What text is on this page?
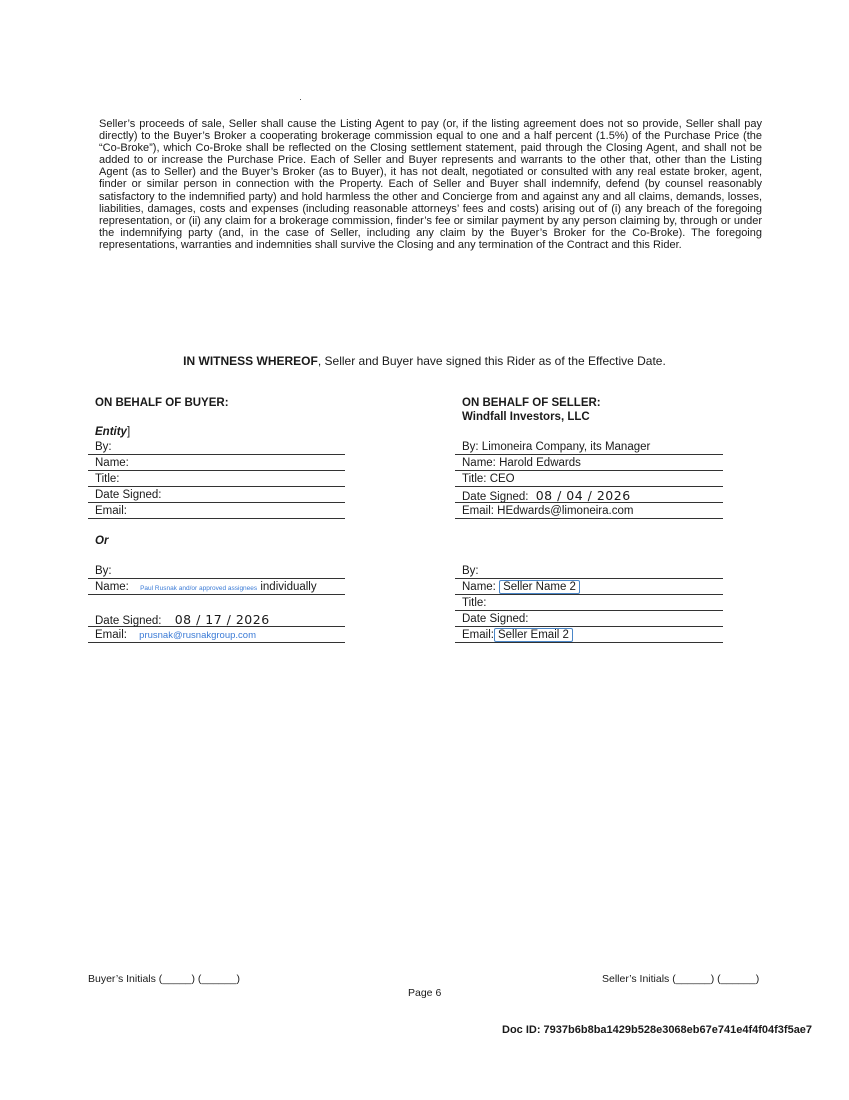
Seller’s proceeds of sale, Seller shall cause the Listing Agent to pay (or, if the listing agreement does not so provide, Seller shall pay directly) to the Buyer’s Broker a cooperating brokerage commission equal to one and a half percent (1.5%) of the Purchase Price (the “Co-Broke”), which Co-Broke shall be reflected on the Closing settlement statement, paid through the Closing Agent, and shall not be added to or increase the Purchase Price. Each of Seller and Buyer represents and warrants to the other that, other than the Listing Agent (as to Seller) and the Buyer’s Broker (as to Buyer), it has not dealt, negotiated or consulted with any real estate broker, agent, finder or similar person in connection with the Property. Each of Seller and Buyer shall indemnify, defend (by counsel reasonably satisfactory to the indemnified party) and hold harmless the other and Concierge from and against any and all claims, demands, losses, liabilities, damages, costs and expenses (including reasonable attorneys’ fees and costs) arising out of (i) any breach of the foregoing representation, or (ii) any claim for a brokerage commission, finder’s fee or similar payment by any person claiming by, through or under the indemnifying party (and, in the case of Seller, including any claim by the Buyer’s Broker for the Co-Broke). The foregoing representations, warranties and indemnities shall survive the Closing and any termination of the Contract and this Rider.
IN WITNESS WHEREOF, Seller and Buyer have signed this Rider as of the Effective Date.
ON BEHALF OF BUYER:
Entity]
By:
Name:
Title:
Date Signed:
Email:
Or
By:
Name: Paul Rusnak and/or approved assignees individually
Date Signed: 08 / 17 / 2026
Email: prusnak@rusnakgroup.com
ON BEHALF OF SELLER:
Windfall Investors, LLC
By: Limoneira Company, its Manager
Name: Harold Edwards
Title: CEO
Date Signed: 08 / 04 / 2026
Email: HEdwards@limoneira.com
By:
Name: Seller Name 2
Title:
Date Signed:
Email: Seller Email 2
Buyer’s Initials (_____) (______)	Seller’s Initials (______) (______)
Page 6
Doc ID: 7937b6b8ba1429b528e3068eb67e741e4f4f04f3f5ae7
